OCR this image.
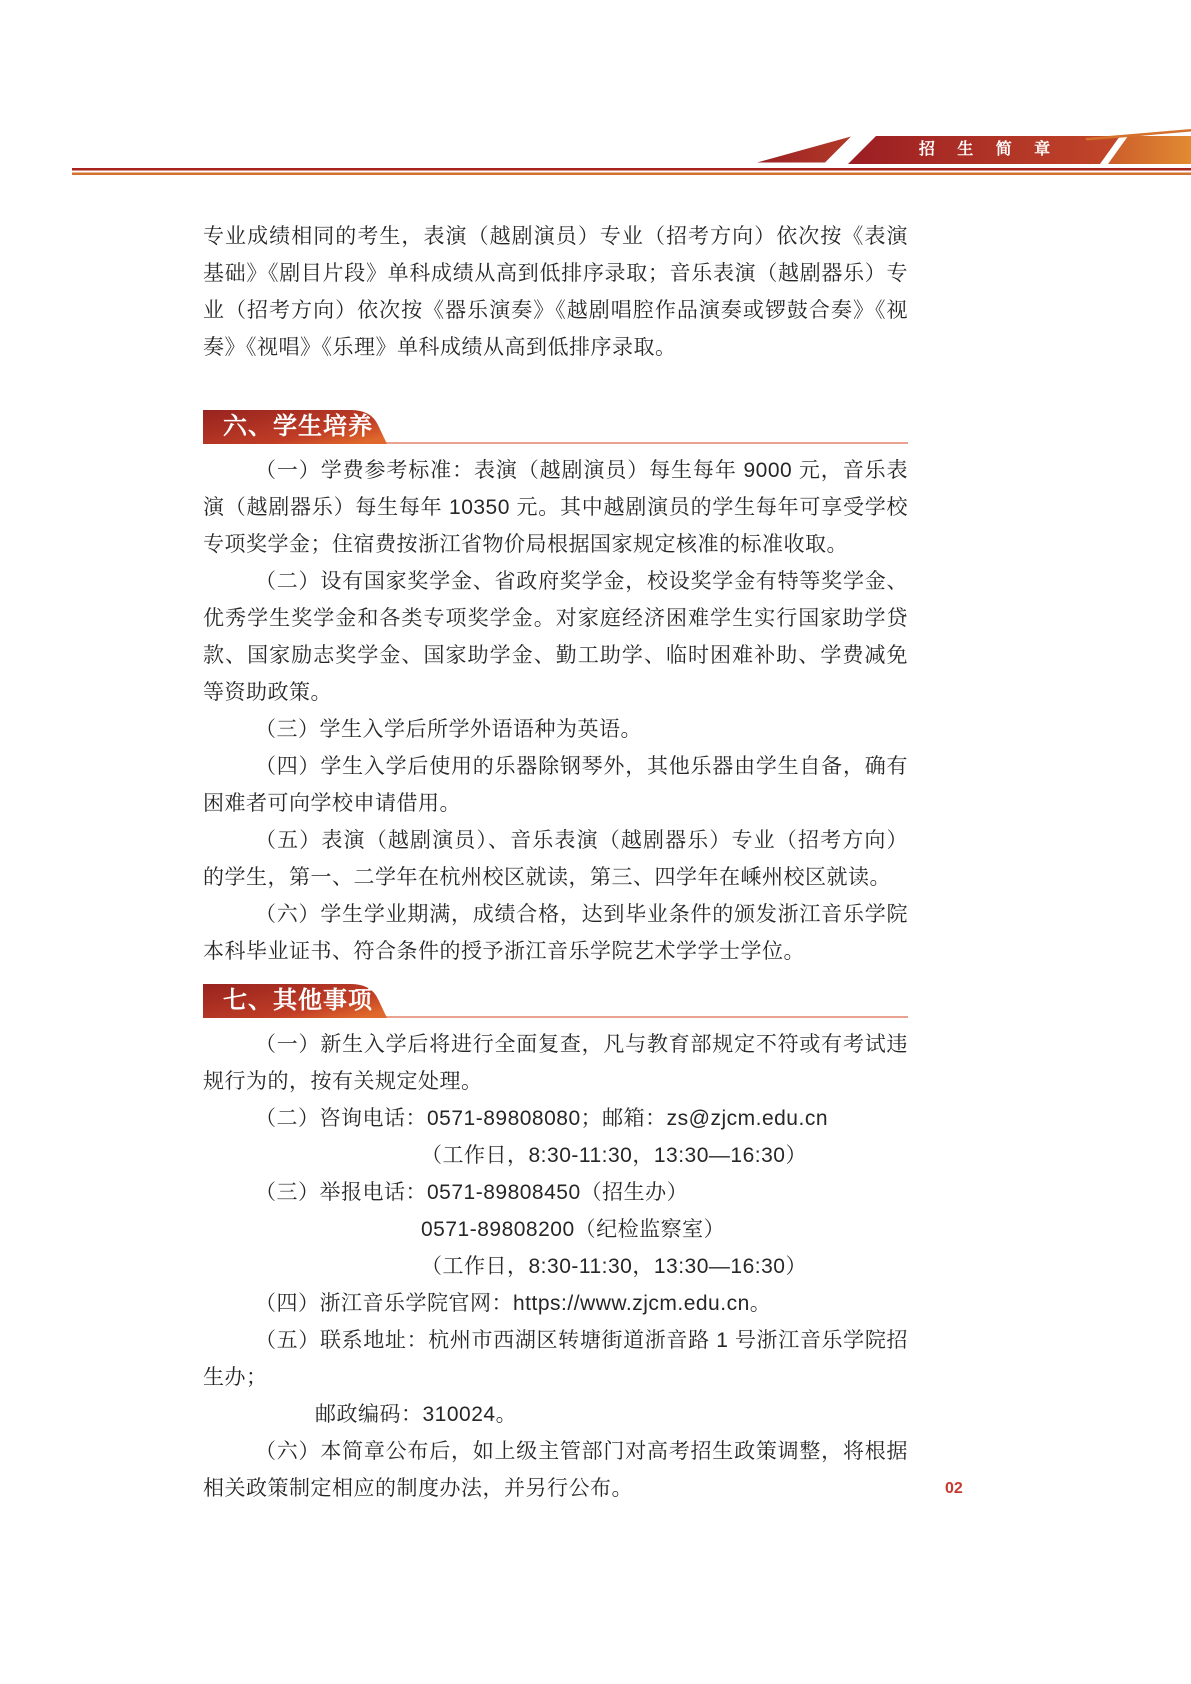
招 生 简 章

专业成绩相同的考生，表演（越剧演员）专业（招考方向）依次按《表演基础》《剧目片段》单科成绩从高到低排序录取；音乐表演（越剧器乐）专业（招考方向）依次按《器乐演奏》《越剧唱腔作品演奏或锣鼓合奏》《视奏》《视唱》《乐理》单科成绩从高到低排序录取。

六、学生培养

（一）学费参考标准：表演（越剧演员）每生每年 9000 元，音乐表演（越剧器乐）每生每年 10350 元。其中越剧演员的学生每年可享受学校专项奖学金；住宿费按浙江省物价局根据国家规定核准的标准收取。

（二）设有国家奖学金、省政府奖学金，校设奖学金有特等奖学金、优秀学生奖学金和各类专项奖学金。对家庭经济困难学生实行国家助学贷款、国家励志奖学金、国家助学金、勤工助学、临时困难补助、学费减免等资助政策。

（三）学生入学后所学外语语种为英语。

（四）学生入学后使用的乐器除钢琴外，其他乐器由学生自备，确有困难者可向学校申请借用。

（五）表演（越剧演员）、音乐表演（越剧器乐）专业（招考方向）的学生，第一、二学年在杭州校区就读，第三、四学年在嵊州校区就读。

（六）学生学业期满，成绩合格，达到毕业条件的颁发浙江音乐学院本科毕业证书、符合条件的授予浙江音乐学院艺术学学士学位。

七、其他事项

（一）新生入学后将进行全面复查，凡与教育部规定不符或有考试违规行为的，按有关规定处理。

（二）咨询电话：0571-89808080；邮箱：zs@zjcm.edu.cn

（工作日，8:30-11:30，13:30—16:30）

（三）举报电话：0571-89808450（招生办）

0571-89808200（纪检监察室）

（工作日，8:30-11:30，13:30—16:30）

（四）浙江音乐学院官网：https://www.zjcm.edu.cn。

（五）联系地址：杭州市西湖区转塘街道浙音路 1 号浙江音乐学院招生办；

邮政编码：310024。

（六）本简章公布后，如上级主管部门对高考招生政策调整，将根据相关政策制定相应的制度办法，并另行公布。	02
